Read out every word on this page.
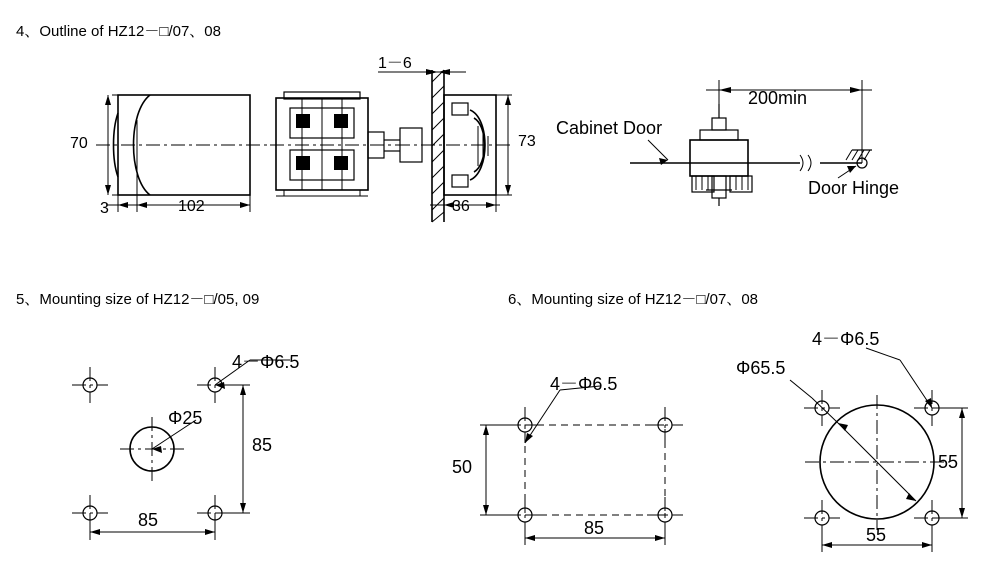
4、Outline of HZ12－□/07、08
5、Mounting size of HZ12－□/05, 09	6、Mounting size of HZ12－□/07、08
70
3	102
1－6
73
36
200min
Cabinet Door
Door Hinge
4－Φ6.5
Φ25
85
85
4－Φ6.5
50
85
4－Φ6.5
Φ65.5
55
55
